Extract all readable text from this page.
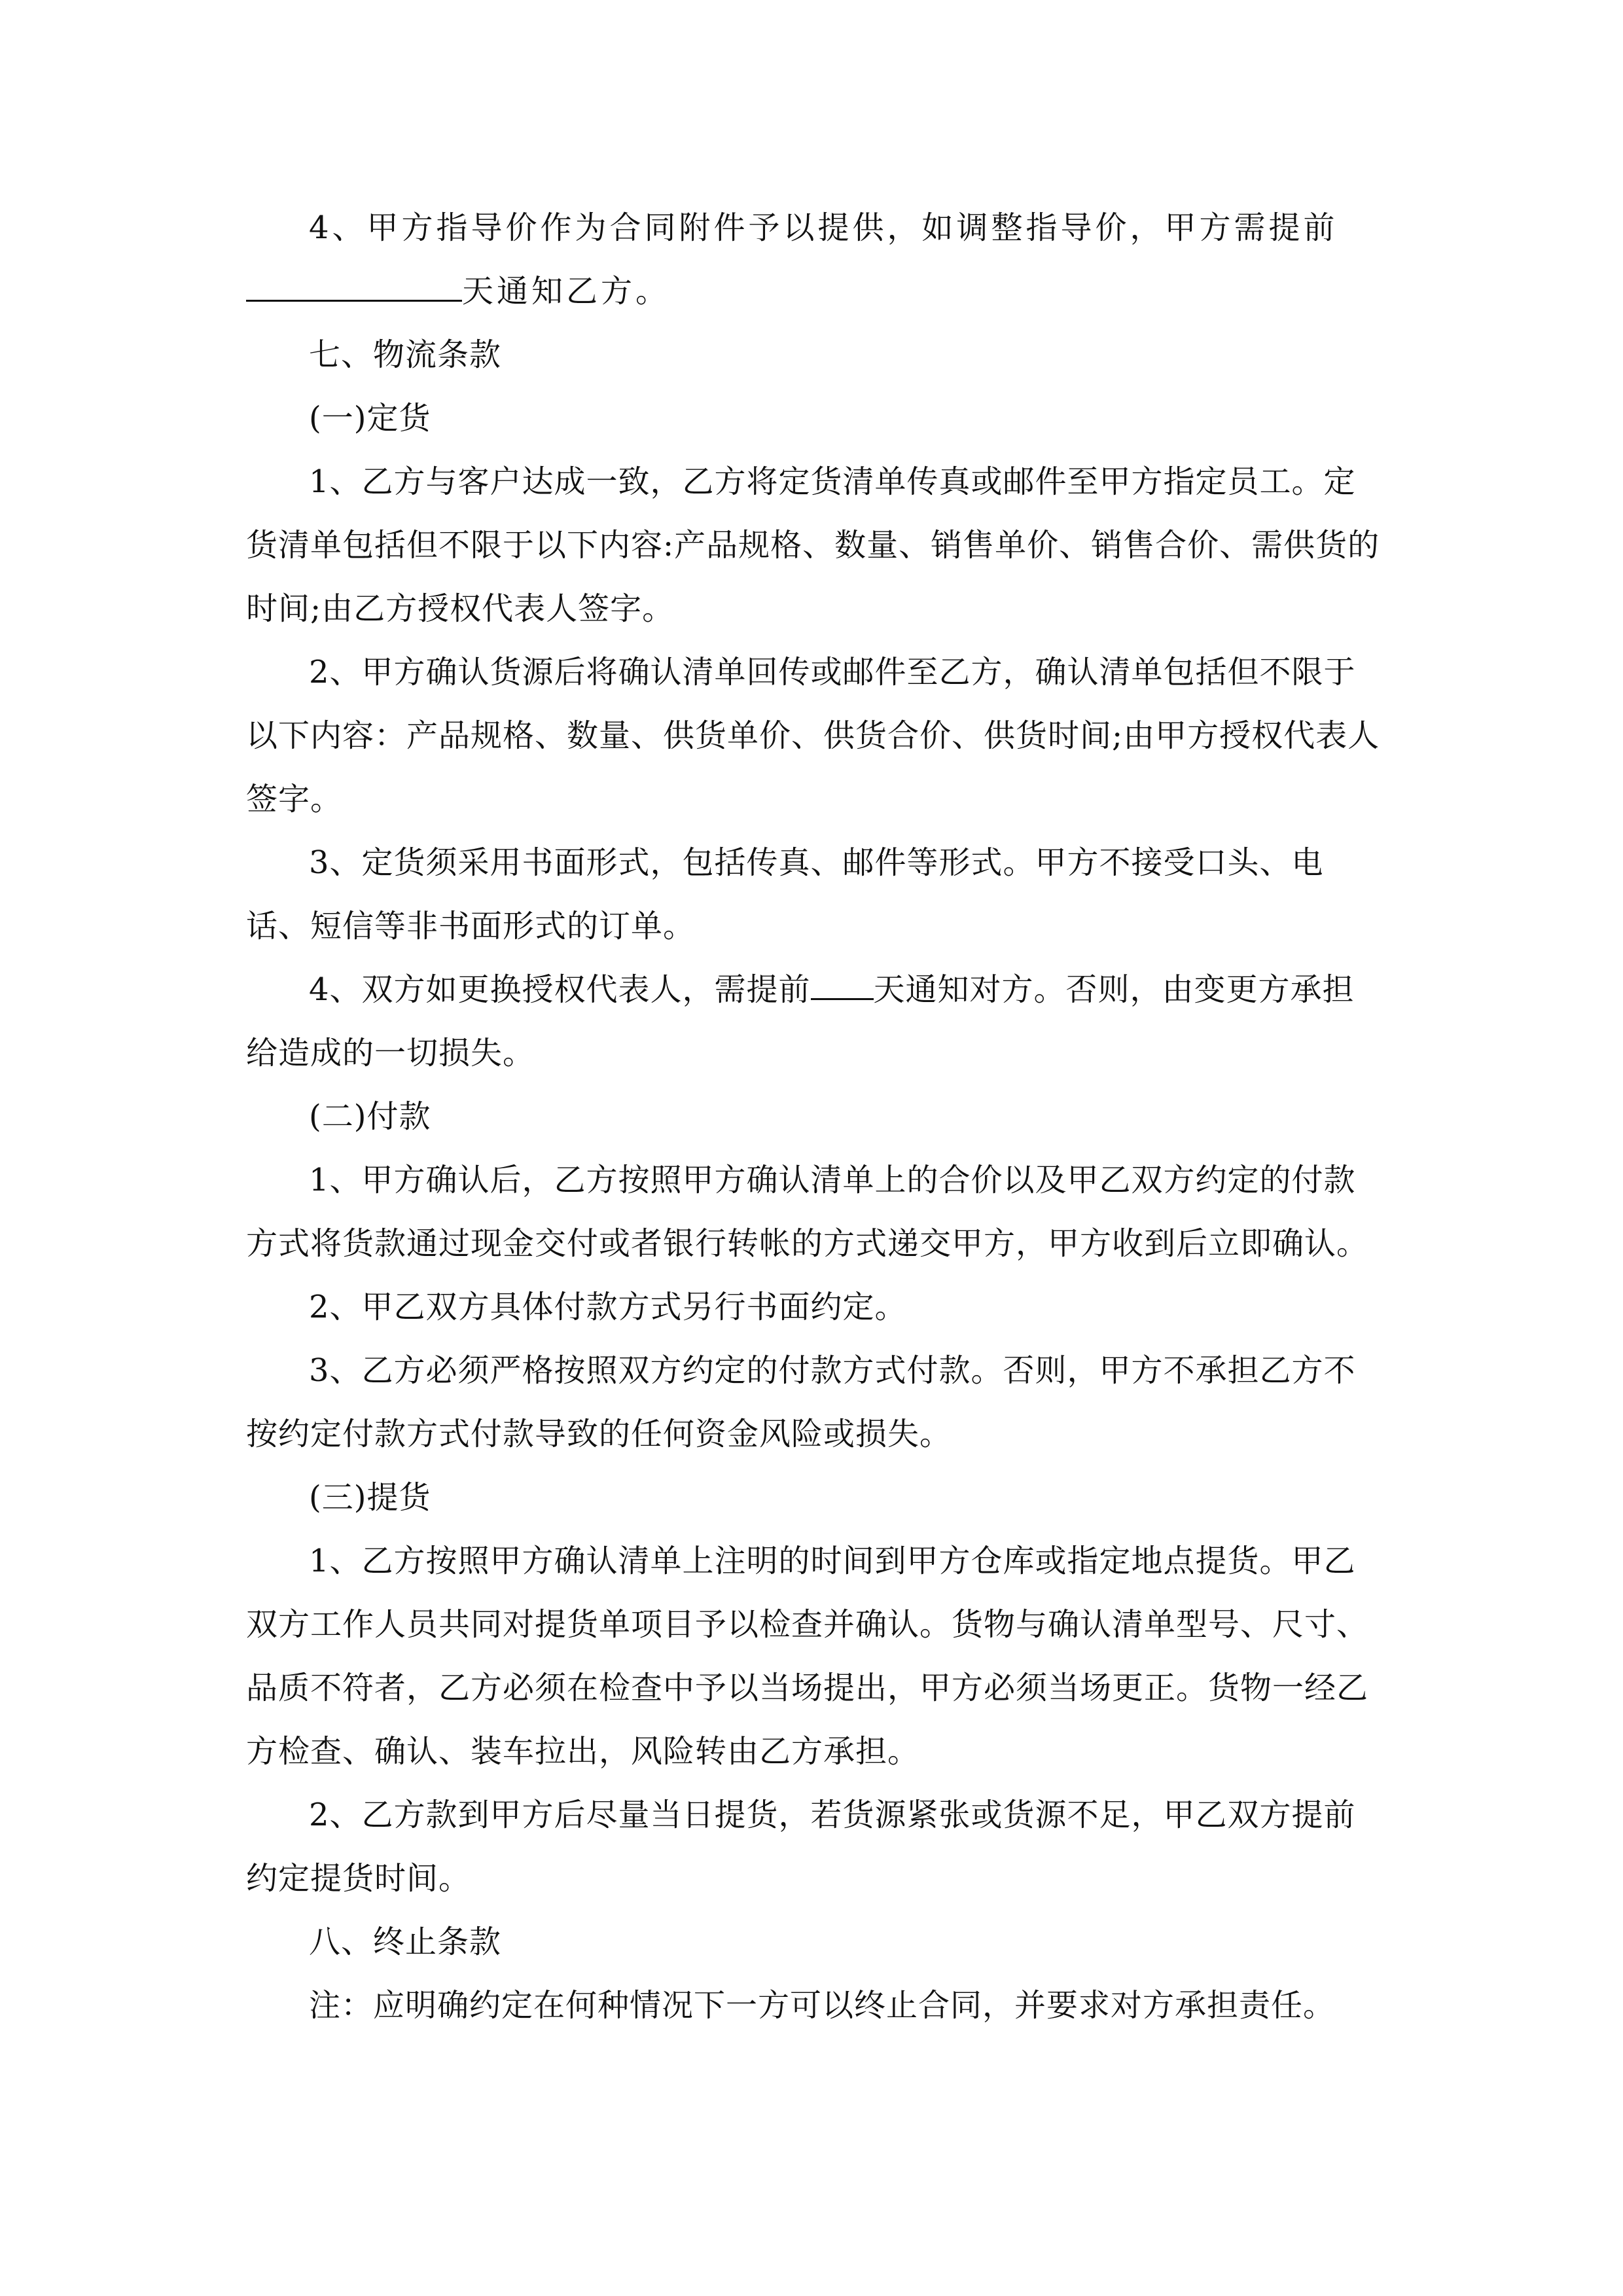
4、甲方指导价作为合同附件予以提供，如调整指导价，甲方需提前天通知乙方。

七、物流条款

(一)定货

1、乙方与客户达成一致，乙方将定货清单传真或邮件至甲方指定员工。定货清单包括但不限于以下内容:产品规格、数量、销售单价、销售合价、需供货的时间;由乙方授权代表人签字。

2、甲方确认货源后将确认清单回传或邮件至乙方，确认清单包括但不限于以下内容：产品规格、数量、供货单价、供货合价、供货时间;由甲方授权代表人签字。

3、定货须采用书面形式，包括传真、邮件等形式。甲方不接受口头、电话、短信等非书面形式的订单。

4、双方如更换授权代表人，需提前 天通知对方。否则，由变更方承担给造成的一切损失。

(二)付款

1、甲方确认后，乙方按照甲方确认清单上的合价以及甲乙双方约定的付款方式将货款通过现金交付或者银行转帐的方式递交甲方，甲方收到后立即确认。

2、甲乙双方具体付款方式另行书面约定。

3、乙方必须严格按照双方约定的付款方式付款。否则，甲方不承担乙方不按约定付款方式付款导致的任何资金风险或损失。

(三)提货

1、乙方按照甲方确认清单上注明的时间到甲方仓库或指定地点提货。甲乙双方工作人员共同对提货单项目予以检查并确认。货物与确认清单型号、尺寸、品质不符者，乙方必须在检查中予以当场提出，甲方必须当场更正。货物一经乙方检查、确认、装车拉出，风险转由乙方承担。

2、乙方款到甲方后尽量当日提货，若货源紧张或货源不足，甲乙双方提前约定提货时间。

八、终止条款

注：应明确约定在何种情况下一方可以终止合同，并要求对方承担责任。
